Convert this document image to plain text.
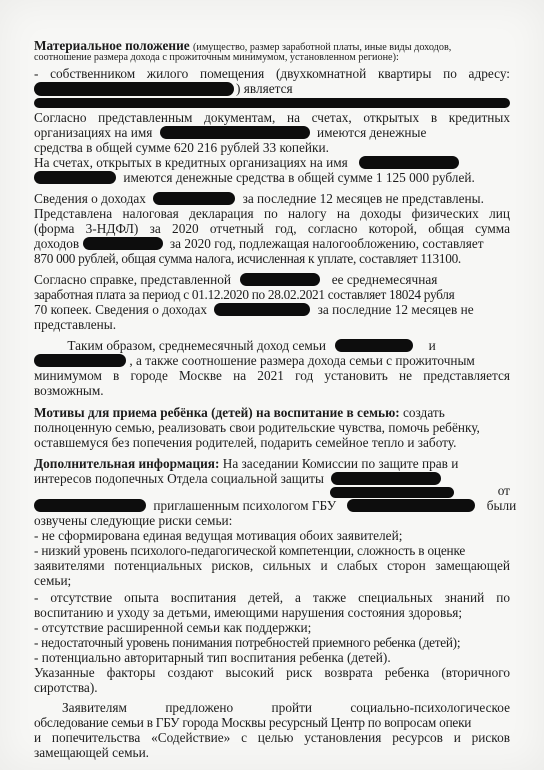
Материальное положение (имущество, размер заработной платы, иные виды доходов,
соотношение размера дохода с прожиточным минимумом, установленном регионе):
- собственником жилого помещения (двухкомнатной квартиры по адресу:
) является
Согласно представленным документам, на счетах, открытых в кредитных
организациях на имя	имеются денежные
средства в общей сумме 620 216 рублей 33 копейки.
На счетах, открытых в кредитных организациях на имя
имеются денежные средства в общей сумме 1 125 000 рублей.
Сведения о доходах	за последние 12 месяцев не представлены.
Представлена налоговая декларация по налогу на доходы физических лиц
(форма 3-НДФЛ) за 2020 отчетный год, согласно которой, общая сумма
доходов	за 2020 год, подлежащая налогообложению, составляет
870 000 рублей, общая сумма налога, исчисленная к уплате, составляет 113100.
Согласно справке, представленной	ее среднемесячная
заработная плата за период с 01.12.2020 по 28.02.2021 составляет 18024 рубля
70 копеек. Сведения о доходах	за последние 12 месяцев не
представлены.
Таким образом, среднемесячный доход семьи	и
, а также соотношение размера дохода семьи с прожиточным
минимумом в городе Москве на 2021 год установить не представляется
возможным.
Мотивы для приема ребёнка (детей) на воспитание в семью: создать
полноценную семью, реализовать свои родительские чувства, помочь ребёнку,
оставшемуся без попечения родителей, подарить семейное тепло и заботу.
Дополнительная информация: На заседании Комиссии по защите прав и
интересов подопечных Отдела социальной защиты
от
приглашенным психологом ГБУ	были
озвучены следующие риски семьи:
- не сформирована единая ведущая мотивация обоих заявителей;
- низкий уровень психолого-педагогической компетенции, сложность в оценке
заявителями потенциальных рисков, сильных и слабых сторон замещающей
семьи;
- отсутствие опыта воспитания детей, а также специальных знаний по
воспитанию и уходу за детьми, имеющими нарушения состояния здоровья;
- отсутствие расширенной семьи как поддержки;
- недостаточный уровень понимания потребностей приемного ребенка (детей);
- потенциально авторитарный тип воспитания ребенка (детей).
Указанные факторы создают высокий риск возврата ребенка (вторичного
сиротства).
Заявителям предложено пройти социально-психологическое
обследование семьи в ГБУ города Москвы ресурсный Центр по вопросам опеки
и попечительства «Содействие» с целью установления ресурсов и рисков
замещающей семьи.
